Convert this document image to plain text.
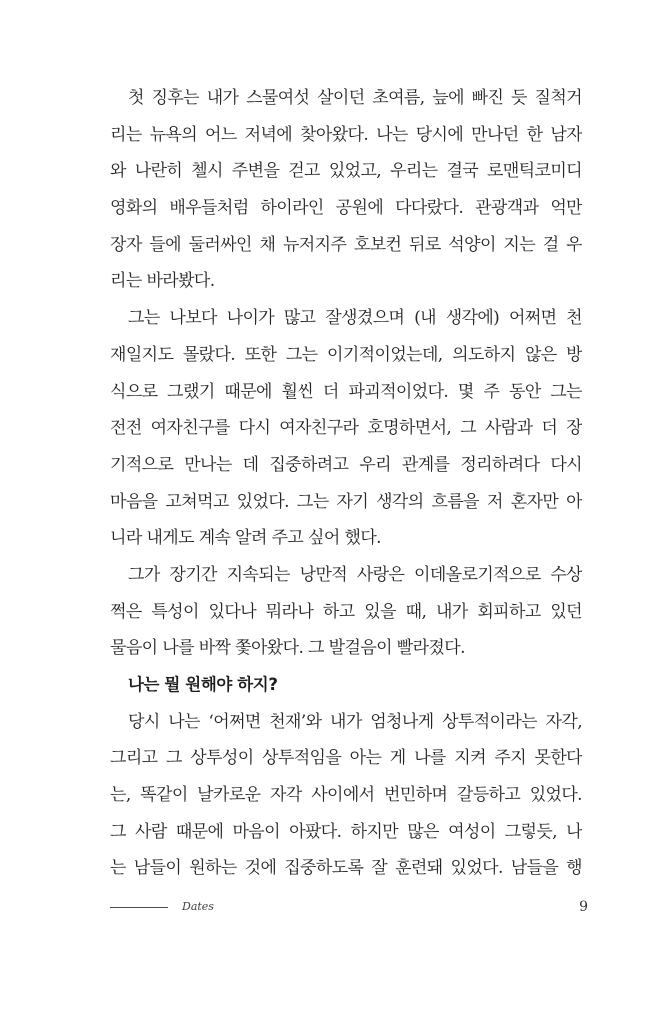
첫 징후는 내가 스물여섯 살이던 초여름, 늪에 빠진 듯 질척거
리는 뉴욕의 어느 저녁에 찾아왔다. 나는 당시에 만나던 한 남자
와 나란히 첼시 주변을 걷고 있었고, 우리는 결국 로맨틱코미디
영화의 배우들처럼 하이라인 공원에 다다랐다. 관광객과 억만
장자 들에 둘러싸인 채 뉴저지주 호보컨 뒤로 석양이 지는 걸 우
리는 바라봤다.
그는 나보다 나이가 많고 잘생겼으며 (내 생각에) 어쩌면 천
재일지도 몰랐다. 또한 그는 이기적이었는데, 의도하지 않은 방
식으로 그랬기 때문에 훨씬 더 파괴적이었다. 몇 주 동안 그는
전전 여자친구를 다시 여자친구라 호명하면서, 그 사람과 더 장
기적으로 만나는 데 집중하려고 우리 관계를 정리하려다 다시
마음을 고쳐먹고 있었다. 그는 자기 생각의 흐름을 저 혼자만 아
니라 내게도 계속 알려 주고 싶어 했다.
그가 장기간 지속되는 낭만적 사랑은 이데올로기적으로 수상
쩍은 특성이 있다나 뭐라나 하고 있을 때, 내가 회피하고 있던
물음이 나를 바짝 쫓아왔다. 그 발걸음이 빨라졌다.
나는 뭘 원해야 하지?
당시 나는 ‘어쩌면 천재’와 내가 엄청나게 상투적이라는 자각,
그리고 그 상투성이 상투적임을 아는 게 나를 지켜 주지 못한다
는, 똑같이 날카로운 자각 사이에서 번민하며 갈등하고 있었다.
그 사람 때문에 마음이 아팠다. 하지만 많은 여성이 그렇듯, 나
는 남들이 원하는 것에 집중하도록 잘 훈련돼 있었다. 남들을 행
Dates	9
